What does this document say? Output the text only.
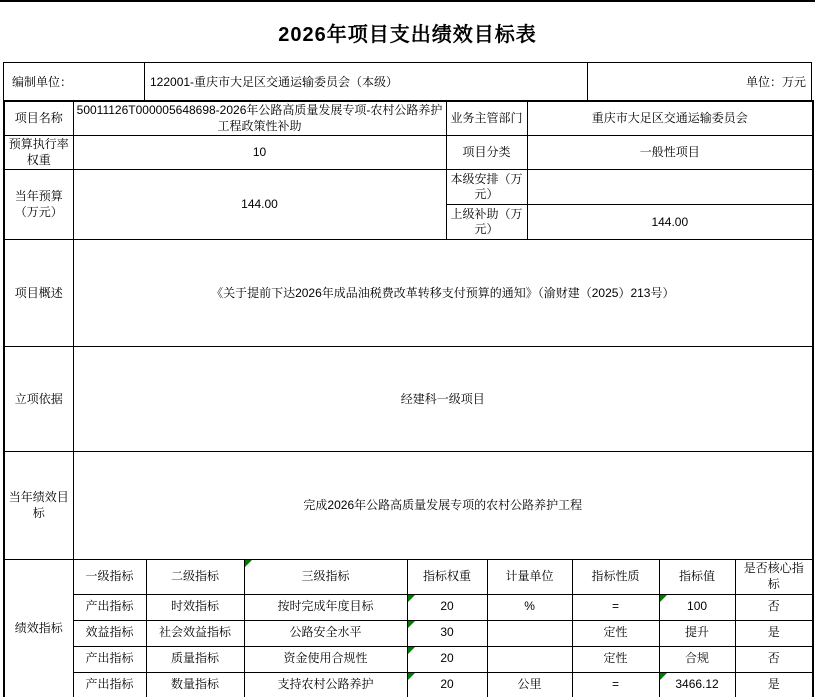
2026年项目支出绩效目标表
编制单位：	122001-重庆市大足区交通运输委员会（本级）	单位：万元
项目名称	50011126T000005648698-2026年公路高质量发展专项-农村公路养护工程政策性补助				业务主管部门		重庆市大足区交通运输委员会			
预算执行率权重	10				项目分类		一般性项目			
当年预算（万元）	144.00				本级安排（万元）					
					上级补助（万元）		144.00			
项目概述	《关于提前下达2026年成品油税费改革转移支付预算的通知》（渝财建（2025）213号）									
立项依据	经建科一级项目									
当年绩效目标	完成2026年公路高质量发展专项的农村公路养护工程									
绩效指标	一级指标	二级指标	三级指标	指标权重		计量单位		指标性质	指标值	是否核心指标
	产出指标	时效指标	按时完成年度目标	20		%		=	100	否
	效益指标	社会效益指标	公路安全水平	30				定性	提升	是
	产出指标	质量指标	资金使用合规性	20				定性	合规	否
	产出指标	数量指标	支持农村公路养护	20		公里		=	3466.12	是
